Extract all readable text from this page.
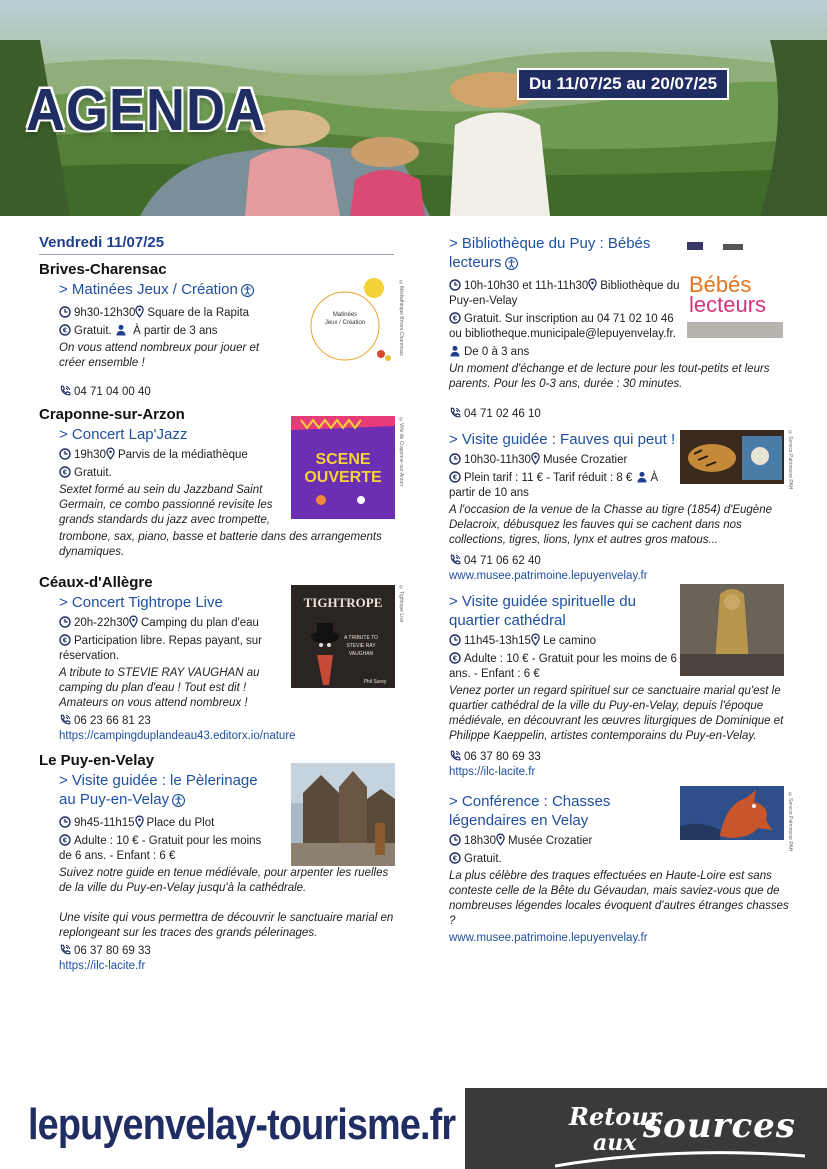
AGENDA	Du 11/07/25 au 20/07/25
Vendredi 11/07/25
Brives-Charensac
> Matinées Jeux / Création
9h30-12h30 Square de la Rapita
Gratuit. À partir de 3 ans
On vous attend nombreux pour jouer et créer ensemble !
04 71 04 00 40
Matinées
Jeux / Création	©Médiathèque Brives-Charensac
Craponne-sur-Arzon
> Concert Lap'Jazz
19h30 Parvis de la médiathèque
Gratuit.
Sextet formé au sein du Jazzband Saint Germain, ce combo passionné revisite les grands standards du jazz avec trompette,
SCENE
OUVERTE	©Ville de Craponne-sur-Arzon
trombone, sax, piano, basse et batterie dans des arrangements dynamiques.
Céaux-d'Allègre
> Concert Tightrope Live
20h-22h30 Camping du plan d'eau
Participation libre. Repas payant, sur réservation.
A tribute to STEVIE RAY VAUGHAN au camping du plan d'eau ! Tout est dit ! Amateurs on vous attend nombreux !
06 23 66 81 23
https://campingduplandeau43.editorx.io/nature
TIGHTROPE
A TRIBUTE TO
STEVIE RAY
VAUGHAN
Phil Surey
©Tightrope Live
Le Puy-en-Velay
> Visite guidée : le Pèlerinage au Puy-en-Velay
9h45-11h15 Place du Plot
Adulte : 10 € - Gratuit pour les moins de 6 ans. - Enfant : 6 €
Suivez notre guide en tenue médiévale, pour arpenter les ruelles de la ville du Puy-en-Velay jusqu'à la cathédrale.
Une visite qui vous permettra de découvrir le sanctuaire marial en replongeant sur les traces des grands pélerinages.
06 37 80 69 33
https://ilc-lacite.fr
> Bibliothèque du Puy : Bébés lecteurs
10h-10h30 et 11h-11h30 Bibliothèque du Puy-en-Velay
Gratuit. Sur inscription au 04 71 02 10 46 ou bibliotheque.municipale@lepuyenvelay.fr.
De 0 à 3 ans
Un moment d'échange et de lecture pour les tout-petits et leurs parents. Pour les 0-3 ans, durée : 30 minutes.
04 71 02 46 10
Bébés
lecteurs
> Visite guidée : Fauves qui peut !
10h30-11h30 Musée Crozatier
Plein tarif : 11 € - Tarif réduit : 8 € À partir de 10 ans
A l'occasion de la venue de la Chasse au tigre (1854) d'Eugène Delacroix, débusquez les fauves qui se cachent dans nos collections, tigres, lions, lynx et autres gros matous...
04 71 06 62 40
www.musee.patrimoine.lepuyenvelay.fr
©Service Patrimoine PAH
> Visite guidée spirituelle du quartier cathédral
11h45-13h15 Le camino
Adulte : 10 € - Gratuit pour les moins de 6 ans. - Enfant : 6 €
Venez porter un regard spirituel sur ce sanctuaire marial qu'est le quartier cathédral de la ville du Puy-en-Velay, depuis l'époque médiévale, en découvrant les œuvres liturgiques de Dominique et Philippe Kaeppelin, artistes contemporains du Puy-en-Velay.
06 37 80 69 33
https://ilc-lacite.fr
> Conférence : Chasses légendaires en Velay
18h30 Musée Crozatier
Gratuit.
La plus célèbre des traques effectuées en Haute-Loire est sans conteste celle de la Bête du Gévaudan, mais saviez-vous que de nombreuses légendes locales évoquent d'autres étranges chasses ?
www.musee.patrimoine.lepuyenvelay.fr
©Service Patrimoine PAH
lepuyenvelay-tourisme.fr	Retour
aux sources
